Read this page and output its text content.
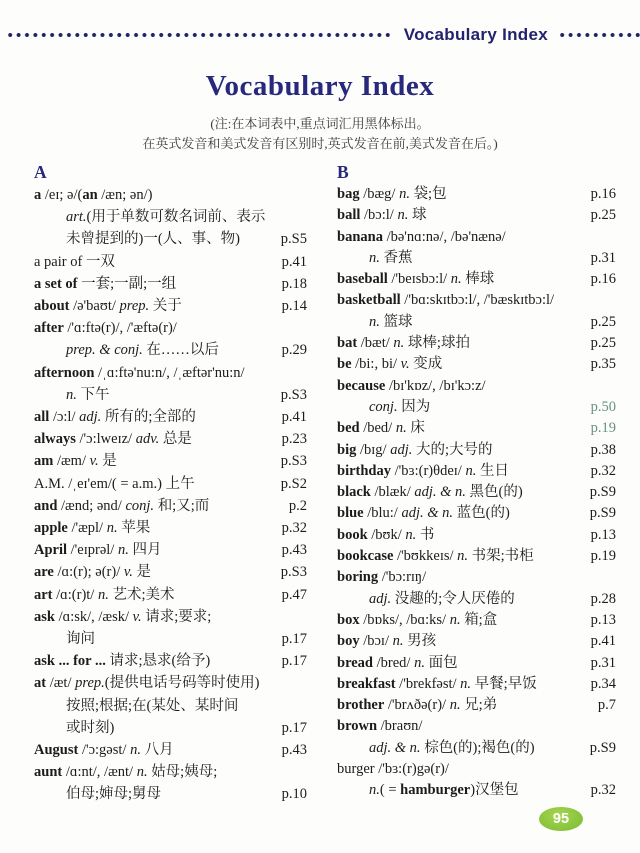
Vocabulary Index
Vocabulary Index
(注:在本词表中,重点词汇用黑体标出。
在英式发音和美式发音有区别时,英式发音在前,美式发音在后。)
A
a /eɪ; ə/(an /æn; ən/)
art.(用于单数可数名词前、表示
未曾提到的)一(人、事、物)	p.S5
a pair of 一双	p.41
a set of 一套;一副;一组	p.18
about /ə'baʊt/ prep. 关于	p.14
after /'ɑ:ftə(r)/, /'æftə(r)/
prep. & conj. 在……以后	p.29
afternoon /ˌɑ:ftə'nu:n/, /ˌæftər'nu:n/
n. 下午	p.S3
all /ɔ:l/ adj. 所有的;全部的	p.41
always /'ɔ:lweɪz/ adv. 总是	p.23
am /æm/ v. 是	p.S3
A.M. /ˌeɪ'em/( = a.m.) 上午	p.S2
and /ænd; ənd/ conj. 和;又;而	p.2
apple /'æpl/ n. 苹果	p.32
April /'eɪprəl/ n. 四月	p.43
are /ɑ:(r); ə(r)/ v. 是	p.S3
art /ɑ:(r)t/ n. 艺术;美术	p.47
ask /ɑ:sk/, /æsk/ v. 请求;要求;
询问	p.17
ask ... for ... 请求;恳求(给予)	p.17
at /æt/ prep.(提供电话号码等时使用)
按照;根据;在(某处、某时间
或时刻)	p.17
August /'ɔ:gəst/ n. 八月	p.43
aunt /ɑ:nt/, /ænt/ n. 姑母;姨母;
伯母;婶母;舅母	p.10
B
bag /bæg/ n. 袋;包	p.16
ball /bɔ:l/ n. 球	p.25
banana /bə'nɑ:nə/, /bə'nænə/
n. 香蕉	p.31
baseball /'beɪsbɔ:l/ n. 棒球	p.16
basketball /'bɑ:skɪtbɔ:l/, /'bæskɪtbɔ:l/
n. 篮球	p.25
bat /bæt/ n. 球棒;球拍	p.25
be /bi:, bi/ v. 变成	p.35
because /bɪ'kɒz/, /bɪ'kɔ:z/
conj. 因为	p.50
bed /bed/ n. 床	p.19
big /bɪg/ adj. 大的;大号的	p.38
birthday /'bɜ:(r)θdeɪ/ n. 生日	p.32
black /blæk/ adj. & n. 黑色(的)	p.S9
blue /blu:/ adj. & n. 蓝色(的)	p.S9
book /bʊk/ n. 书	p.13
bookcase /'bʊkkeɪs/ n. 书架;书柜	p.19
boring /'bɔ:rɪŋ/
adj. 没趣的;令人厌倦的	p.28
box /bɒks/, /bɑ:ks/ n. 箱;盒	p.13
boy /bɔɪ/ n. 男孩	p.41
bread /bred/ n. 面包	p.31
breakfast /'brekfəst/ n. 早餐;早饭	p.34
brother /'brʌðə(r)/ n. 兄;弟	p.7
brown /braʊn/
adj. & n. 棕色(的);褐色(的)	p.S9
burger /'bɜ:(r)gə(r)/
n.( = hamburger)汉堡包	p.32
95
